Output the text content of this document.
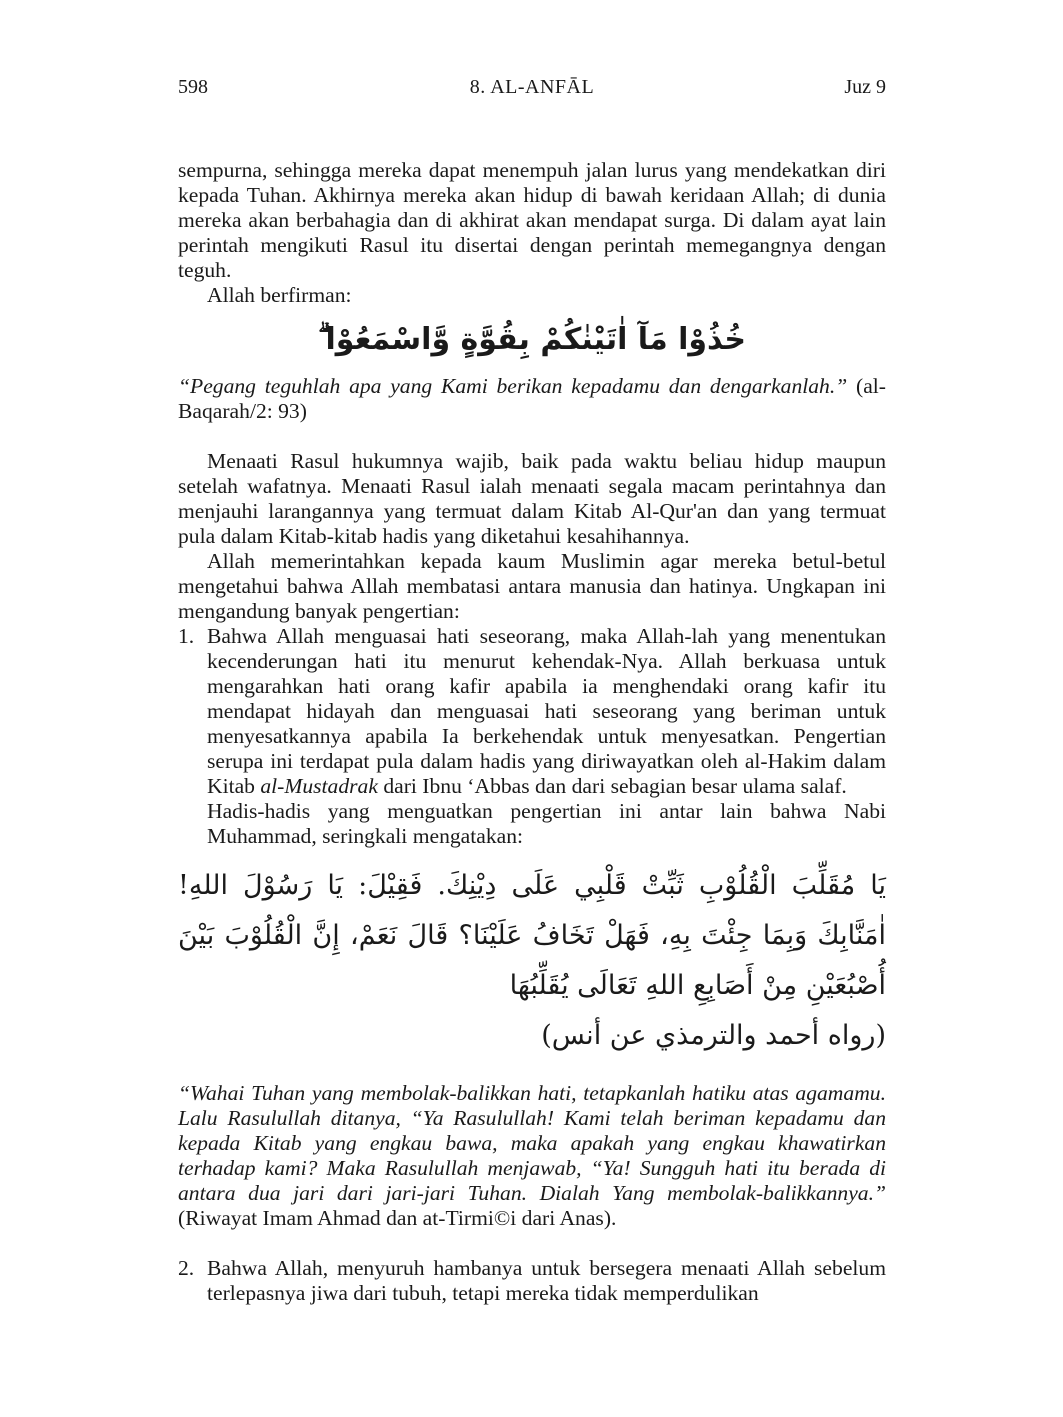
598	8. AL-ANFĀL	Juz 9

sempurna, sehingga mereka dapat menempuh jalan lurus yang mendekatkan diri kepada Tuhan. Akhirnya mereka akan hidup di bawah keridaan Allah; di dunia mereka akan berbahagia dan di akhirat akan mendapat surga. Di dalam ayat lain perintah mengikuti Rasul itu disertai dengan perintah memegangnya dengan teguh.

Allah berfirman:

خُذُوْا مَآ اٰتَيْنٰكُمْ بِقُوَّةٍ وَّاسْمَعُوْا ۗ

“Pegang teguhlah apa yang Kami berikan kepadamu dan dengarkanlah.” (al-Baqarah/2: 93)

Menaati Rasul hukumnya wajib, baik pada waktu beliau hidup maupun setelah wafatnya. Menaati Rasul ialah menaati segala macam perintahnya dan menjauhi larangannya yang termuat dalam Kitab Al-Qur'an dan yang termuat pula dalam Kitab-kitab hadis yang diketahui kesahihannya.

Allah memerintahkan kepada kaum Muslimin agar mereka betul-betul mengetahui bahwa Allah membatasi antara manusia dan hatinya. Ungkapan ini mengandung banyak pengertian:

1. Bahwa Allah menguasai hati seseorang, maka Allah-lah yang menentukan kecenderungan hati itu menurut kehendak-Nya. Allah berkuasa untuk mengarahkan hati orang kafir apabila ia menghendaki orang kafir itu mendapat hidayah dan menguasai hati seseorang yang beriman untuk menyesatkannya apabila Ia berkehendak untuk menyesatkan. Pengertian serupa ini terdapat pula dalam hadis yang diriwayatkan oleh al-Hakim dalam Kitab al-Mustadrak dari Ibnu ‘Abbas dan dari sebagian besar ulama salaf.

Hadis-hadis yang menguatkan pengertian ini antar lain bahwa Nabi Muhammad, seringkali mengatakan:

يَا مُقَلِّبَ الْقُلُوْبِ ثَبِّتْ قَلْبِي عَلَى دِيْنِكَ. فَقِيْلَ: يَا رَسُوْلَ اللهِ! اٰمَنَّابِكَ وَبِمَا جِئْتَ بِهِ، فَهَلْ تَخَافُ عَلَيْنَا؟ قَالَ نَعَمْ، إِنَّ الْقُلُوْبَ بَيْنَ أُصْبُعَيْنِ مِنْ أَصَابِعِ اللهِ تَعَالَى يُقَلِّبُهَا
(رواه أحمد والترمذي عن أنس)

“Wahai Tuhan yang membolak-balikkan hati, tetapkanlah hatiku atas agamamu. Lalu Rasulullah ditanya, “Ya Rasulullah! Kami telah beriman kepadamu dan kepada Kitab yang engkau bawa, maka apakah yang engkau khawatirkan terhadap kami? Maka Rasulullah menjawab, “Ya! Sungguh hati itu berada di antara dua jari dari jari-jari Tuhan. Dialah Yang membolak-balikkannya.” (Riwayat Imam Ahmad dan at-Tirmi©i dari Anas).

2. Bahwa Allah, menyuruh hambanya untuk bersegera menaati Allah sebelum terlepasnya jiwa dari tubuh, tetapi mereka tidak memperdulikan
